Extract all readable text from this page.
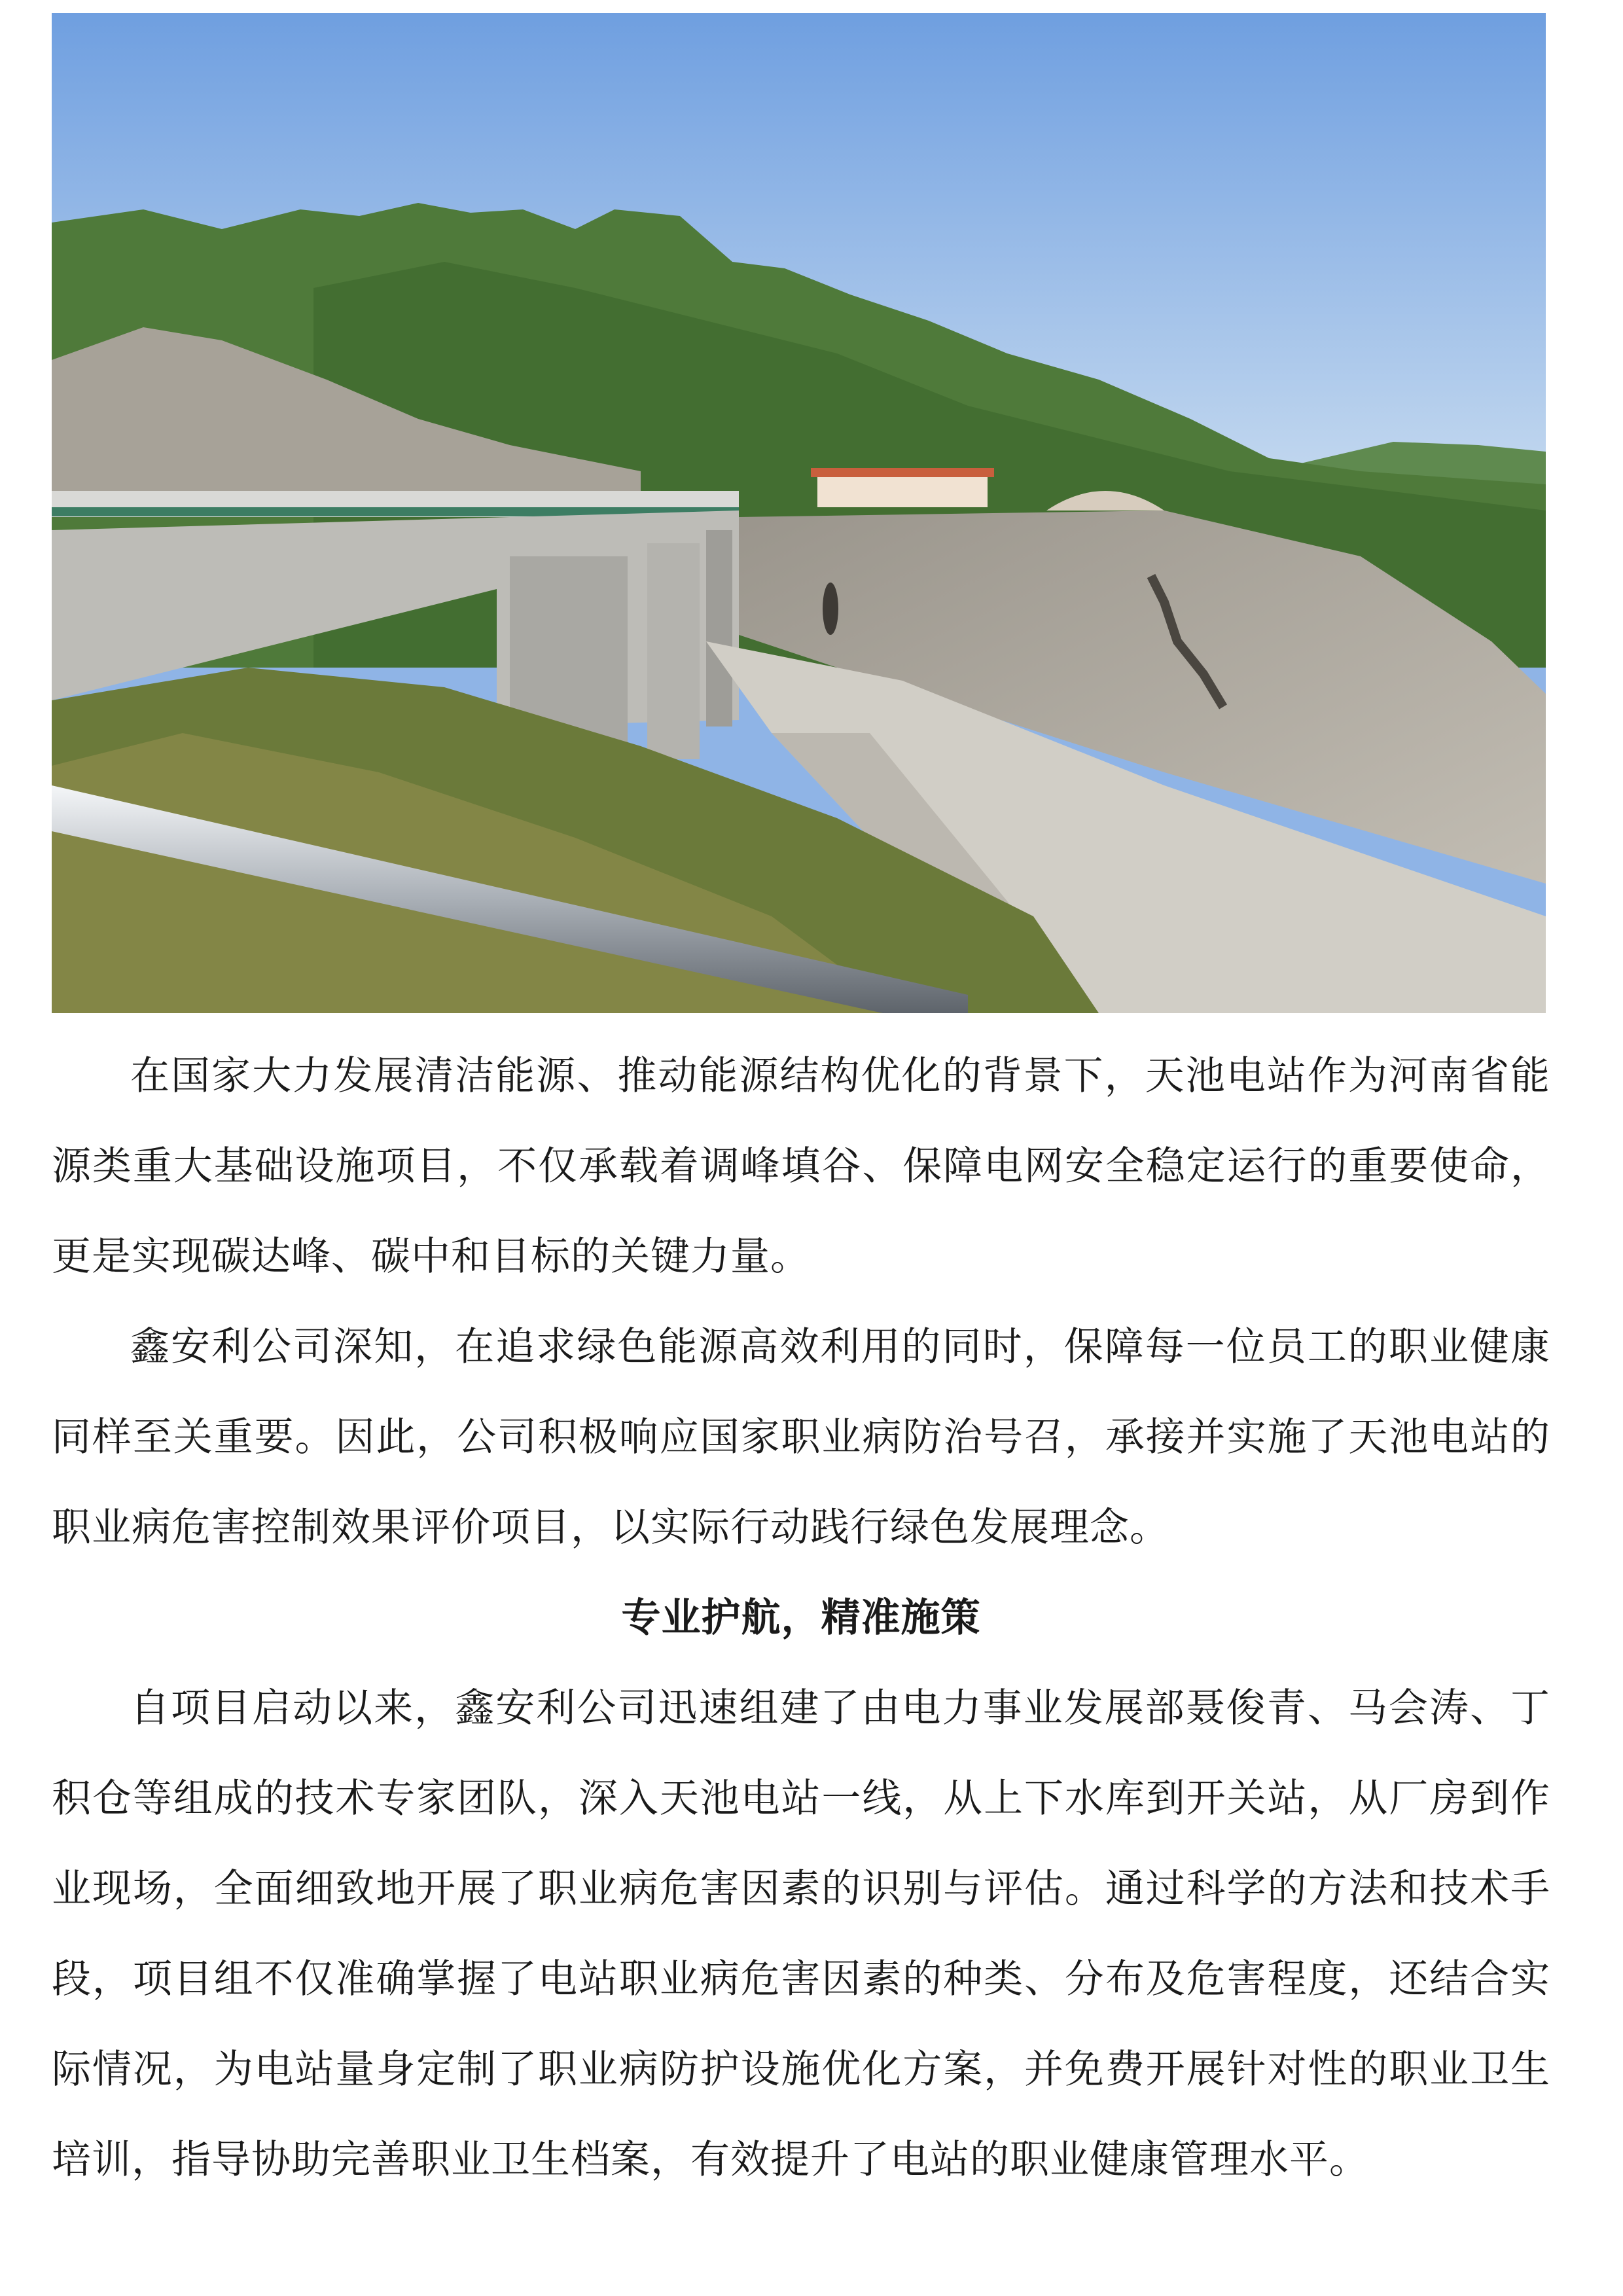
在国家大力发展清洁能源、推动能源结构优化的背景下，天池电站作为河南省能源类重大基础设施项目，不仅承载着调峰填谷、保障电网安全稳定运行的重要使命，更是实现碳达峰、碳中和目标的关键力量。

鑫安利公司深知，在追求绿色能源高效利用的同时，保障每一位员工的职业健康同样至关重要。因此，公司积极响应国家职业病防治号召，承接并实施了天池电站的职业病危害控制效果评价项目，以实际行动践行绿色发展理念。

专业护航，精准施策

自项目启动以来，鑫安利公司迅速组建了由电力事业发展部聂俊青、马会涛、丁积仓等组成的技术专家团队，深入天池电站一线，从上下水库到开关站，从厂房到作业现场，全面细致地开展了职业病危害因素的识别与评估。通过科学的方法和技术手段，项目组不仅准确掌握了电站职业病危害因素的种类、分布及危害程度，还结合实际情况，为电站量身定制了职业病防护设施优化方案，并免费开展针对性的职业卫生培训，指导协助完善职业卫生档案，有效提升了电站的职业健康管理水平。
